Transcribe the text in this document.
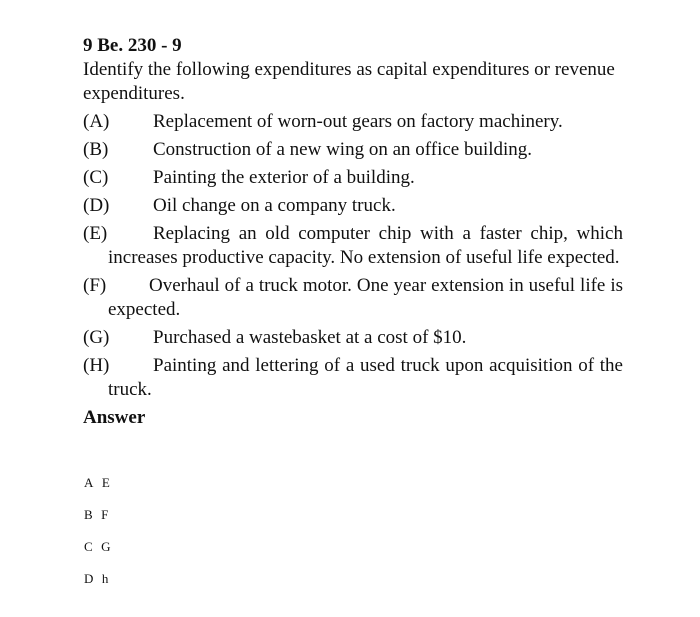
9 Be. 230 - 9
Identify the following expenditures as capital expenditures or revenue expenditures.
(A)	Replacement of worn-out gears on factory machinery.
(B)	Construction of a new wing on an office building.
(C)	Painting the exterior of a building.
(D)	Oil change on a company truck.
(E) Replacing an old computer chip with a faster chip, which increases productive capacity. No extension of useful life expected.
(F) Overhaul of a truck motor. One year extension in useful life is expected.
(G)	Purchased a wastebasket at a cost of $10.
(H) Painting and lettering of a used truck upon acquisition of the truck.
Answer
A E
B F
C G
D h
